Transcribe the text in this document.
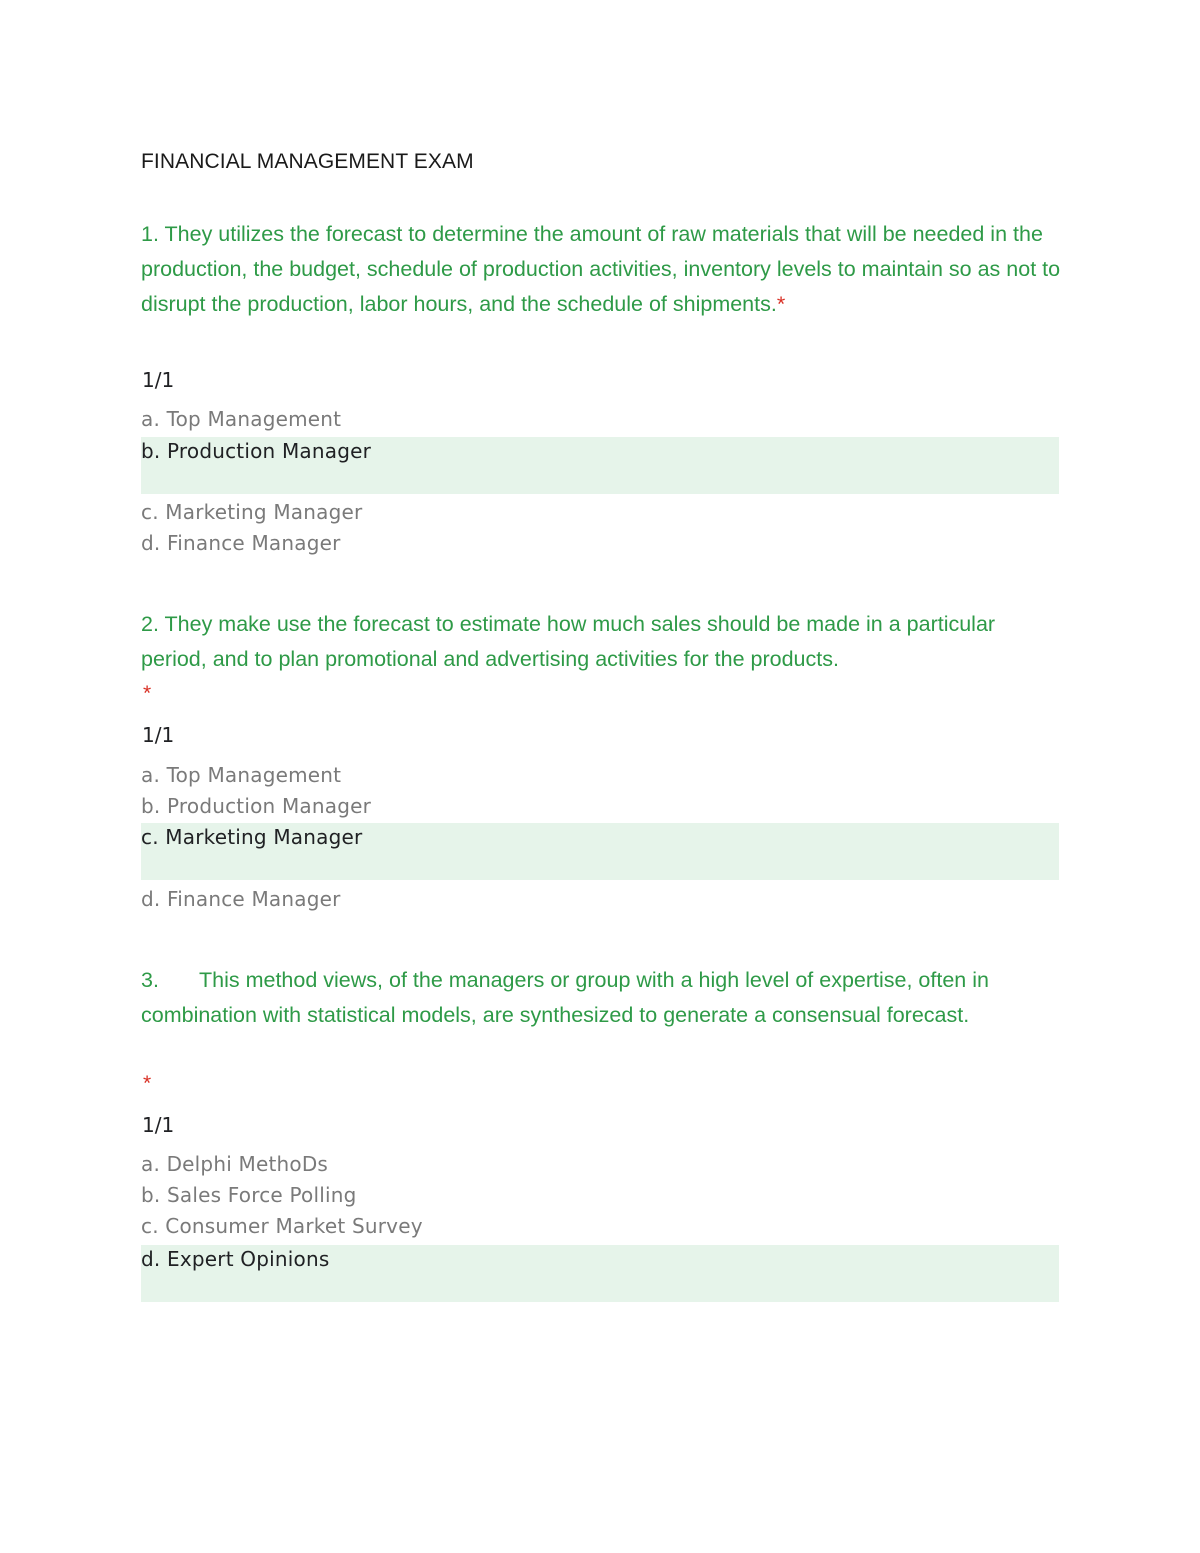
FINANCIAL MANAGEMENT EXAM
1. They utilizes the forecast to determine the amount of raw materials that will be needed in the production, the budget, schedule of production activities, inventory levels to maintain so as not to disrupt the production, labor hours, and the schedule of shipments.*
1/1
a. Top Management
b. Production Manager
c. Marketing Manager
d. Finance Manager
2. They make use the forecast to estimate how much sales should be made in a particular period, and to plan promotional and advertising activities for the products.
*
1/1
a. Top Management
b. Production Manager
c. Marketing Manager
d. Finance Manager
3. This method views, of the managers or group with a high level of expertise, often in combination with statistical models, are synthesized to generate a consensual forecast.
*
1/1
a. Delphi MethoDs
b. Sales Force Polling
c. Consumer Market Survey
d. Expert Opinions
